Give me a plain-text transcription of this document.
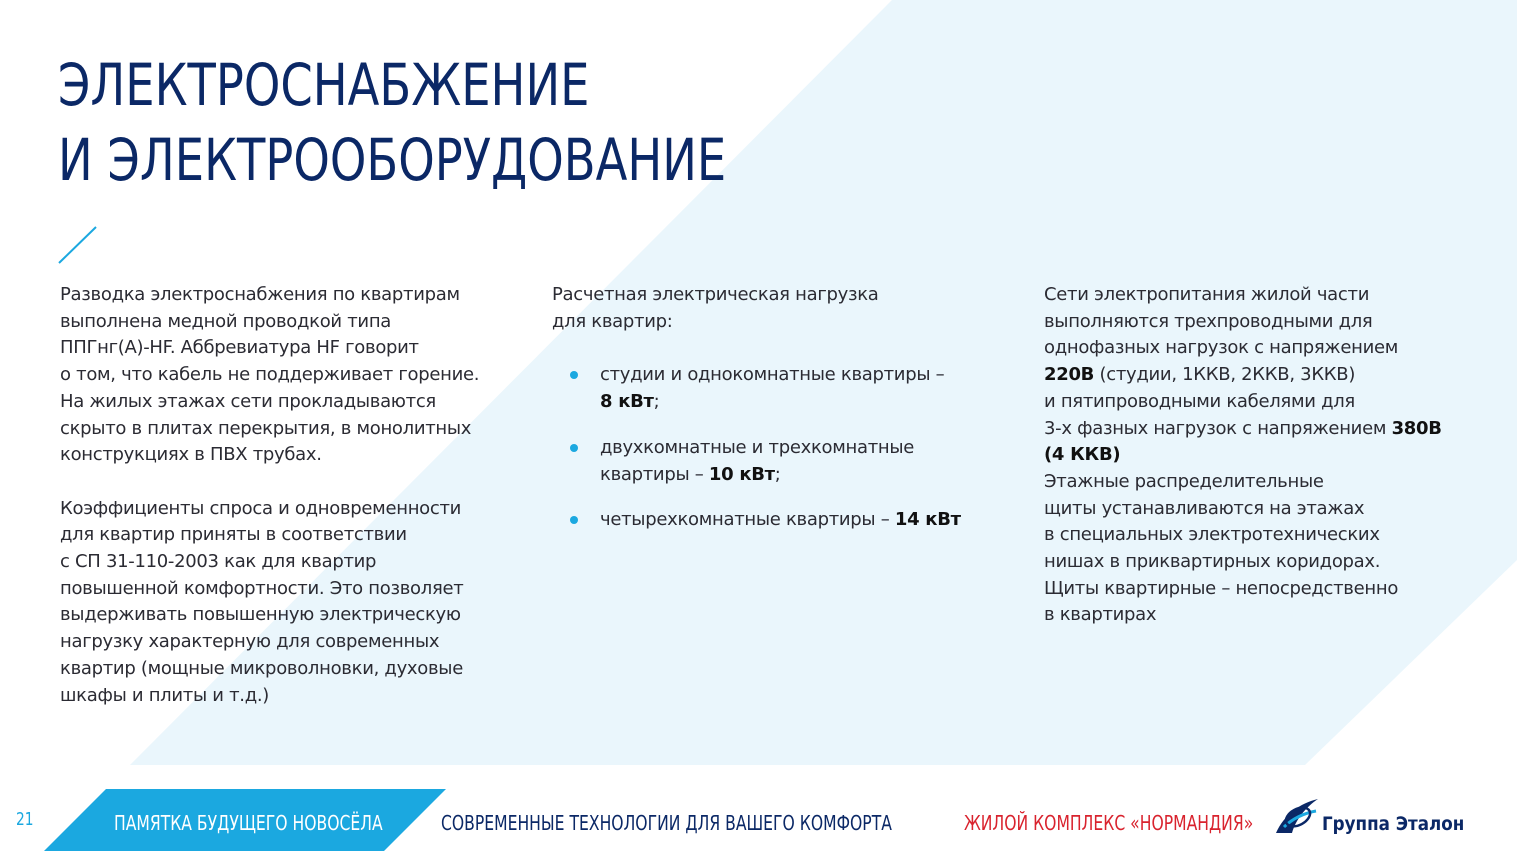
ЭЛЕКТРОСНАБЖЕНИЕ
И ЭЛЕКТРООБОРУДОВАНИЕ

Разводка электроснабжения по квартирам
выполнена медной проводкой типа
ППГнг(А)-HF. Аббревиатура HF говорит
о том, что кабель не поддерживает горение.
На жилых этажах сети прокладываются
скрыто в плитах перекрытия, в монолитных
конструкциях в ПВХ трубах.

Коэффициенты спроса и одновременности
для квартир приняты в соответствии
с СП 31-110-2003 как для квартир
повышенной комфортности. Это позволяет
выдерживать повышенную электрическую
нагрузку характерную для современных
квартир (мощные микроволновки, духовые
шкафы и плиты и т.д.)

Расчетная электрическая нагрузка
для квартир:

студии и однокомнатные квартиры –
8 кВт;

двухкомнатные и трехкомнатные
квартиры – 10 кВт;

четырехкомнатные квартиры – 14 кВт

Сети электропитания жилой части
выполняются трехпроводными для
однофазных нагрузок с напряжением
220В (студии, 1ККВ, 2ККВ, 3ККВ)
и пятипроводными кабелями для
3-х фазных нагрузок с напряжением 380В
(4 ККВ)
Этажные распределительные
щиты устанавливаются на этажах
в специальных электротехнических
нишах в приквартирных коридорах.
Щиты квартирные – непосредственно
в квартирах

21	ПАМЯТКА БУДУЩЕГО НОВОСЁЛА	СОВРЕМЕННЫЕ ТЕХНОЛОГИИ ДЛЯ ВАШЕГО КОМФОРТА	ЖИЛОЙ КОМПЛЕКС «НОРМАНДИЯ»	Группа Эталон
